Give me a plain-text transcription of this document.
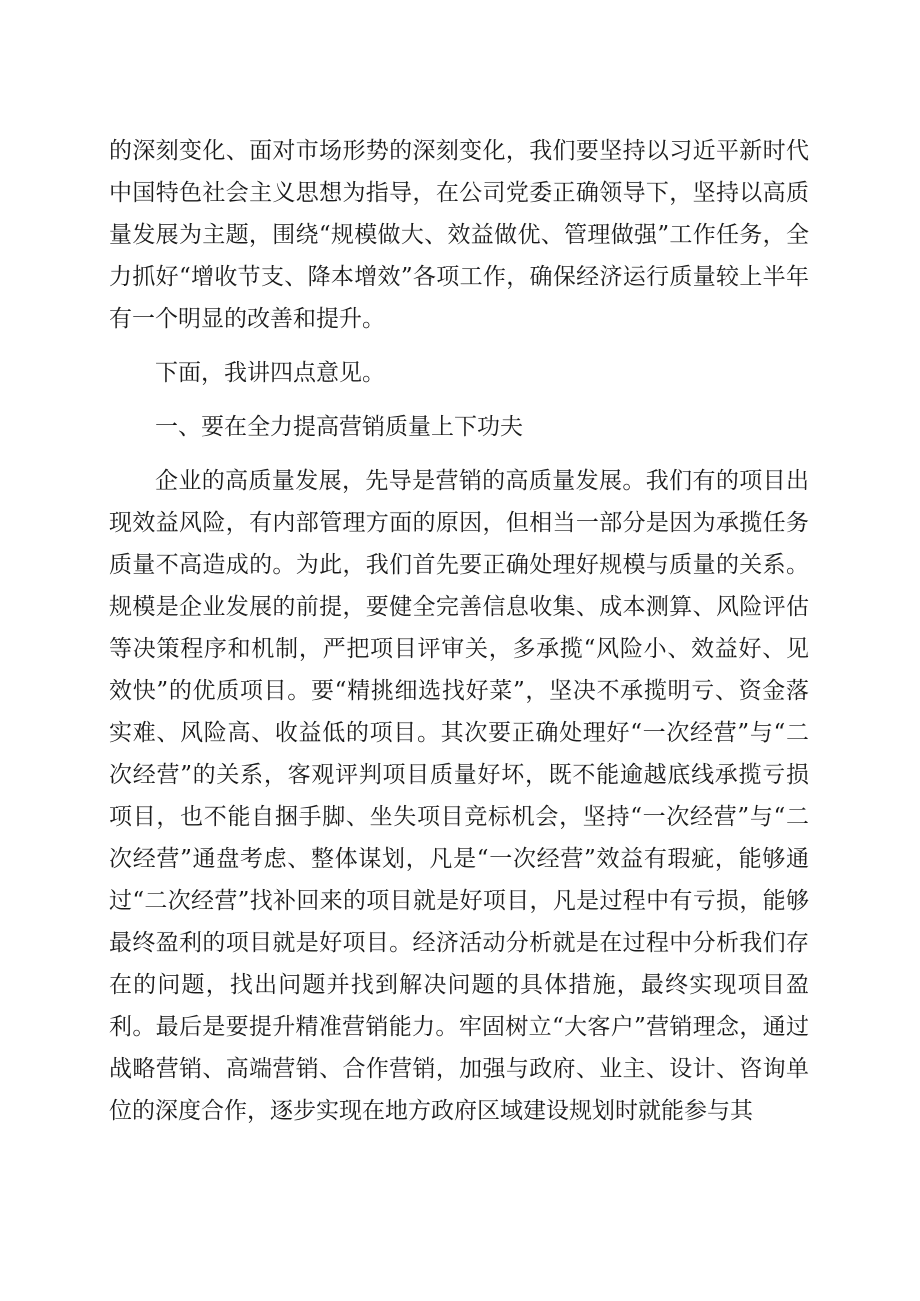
的深刻变化、面对市场形势的深刻变化，我们要坚持以习近平新时代中国特色社会主义思想为指导，在公司党委正确领导下，坚持以高质量发展为主题，围绕“规模做大、效益做优、管理做强”工作任务，全力抓好“增收节支、降本增效”各项工作，确保经济运行质量较上半年有一个明显的改善和提升。

下面，我讲四点意见。

一、要在全力提高营销质量上下功夫

企业的高质量发展，先导是营销的高质量发展。我们有的项目出现效益风险，有内部管理方面的原因，但相当一部分是因为承揽任务质量不高造成的。为此，我们首先要正确处理好规模与质量的关系。规模是企业发展的前提，要健全完善信息收集、成本测算、风险评估等决策程序和机制，严把项目评审关，多承揽“风险小、效益好、见效快”的优质项目。要“精挑细选找好菜”，坚决不承揽明亏、资金落实难、风险高、收益低的项目。其次要正确处理好“一次经营”与“二次经营”的关系，客观评判项目质量好坏，既不能逾越底线承揽亏损项目，也不能自捆手脚、坐失项目竞标机会，坚持“一次经营”与“二次经营”通盘考虑、整体谋划，凡是“一次经营”效益有瑕疵，能够通过“二次经营”找补回来的项目就是好项目，凡是过程中有亏损，能够最终盈利的项目就是好项目。经济活动分析就是在过程中分析我们存在的问题，找出问题并找到解决问题的具体措施，最终实现项目盈利。最后是要提升精准营销能力。牢固树立“大客户”营销理念，通过战略营销、高端营销、合作营销，加强与政府、业主、设计、咨询单位的深度合作，逐步实现在地方政府区域建设规划时就能参与其
